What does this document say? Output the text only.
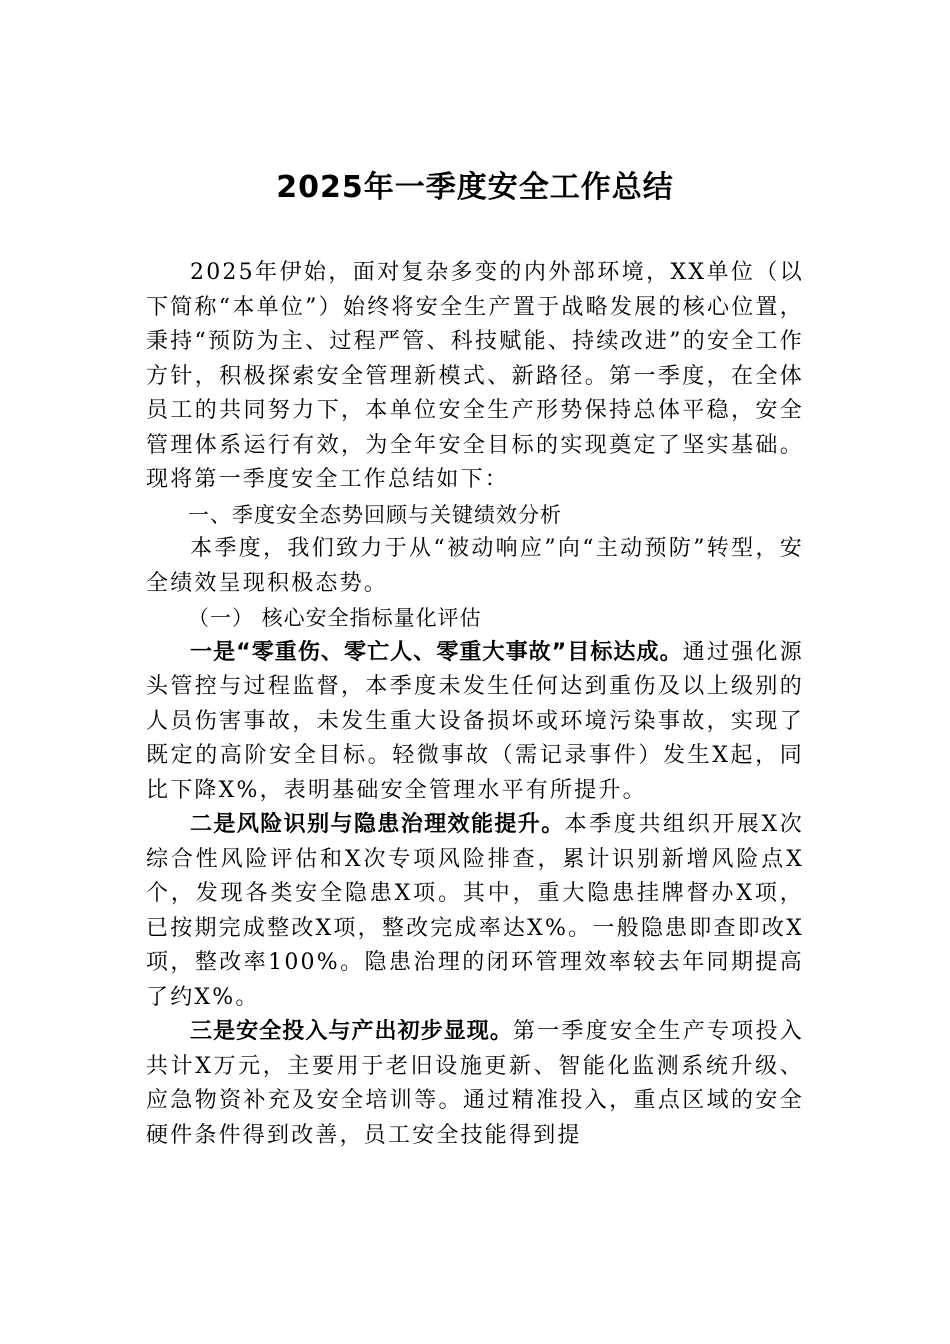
2025年一季度安全工作总结

2025年伊始，面对复杂多变的内外部环境，XX单位（以下简称“本单位”）始终将安全生产置于战略发展的核心位置，秉持“预防为主、过程严管、科技赋能、持续改进”的安全工作方针，积极探索安全管理新模式、新路径。第一季度，在全体员工的共同努力下，本单位安全生产形势保持总体平稳，安全管理体系运行有效，为全年安全目标的实现奠定了坚实基础。现将第一季度安全工作总结如下：

一、季度安全态势回顾与关键绩效分析

本季度，我们致力于从“被动响应”向“主动预防”转型，安全绩效呈现积极态势。

（一） 核心安全指标量化评估

一是“零重伤、零亡人、零重大事故”目标达成。通过强化源头管控与过程监督，本季度未发生任何达到重伤及以上级别的人员伤害事故，未发生重大设备损坏或环境污染事故，实现了既定的高阶安全目标。轻微事故（需记录事件）发生X起，同比下降X%，表明基础安全管理水平有所提升。

二是风险识别与隐患治理效能提升。本季度共组织开展X次综合性风险评估和X次专项风险排查，累计识别新增风险点X个，发现各类安全隐患X项。其中，重大隐患挂牌督办X项，已按期完成整改X项，整改完成率达X%。一般隐患即查即改X项，整改率100%。隐患治理的闭环管理效率较去年同期提高了约X%。

三是安全投入与产出初步显现。第一季度安全生产专项投入共计X万元，主要用于老旧设施更新、智能化监测系统升级、应急物资补充及安全培训等。通过精准投入，重点区域的安全硬件条件得到改善，员工安全技能得到提
